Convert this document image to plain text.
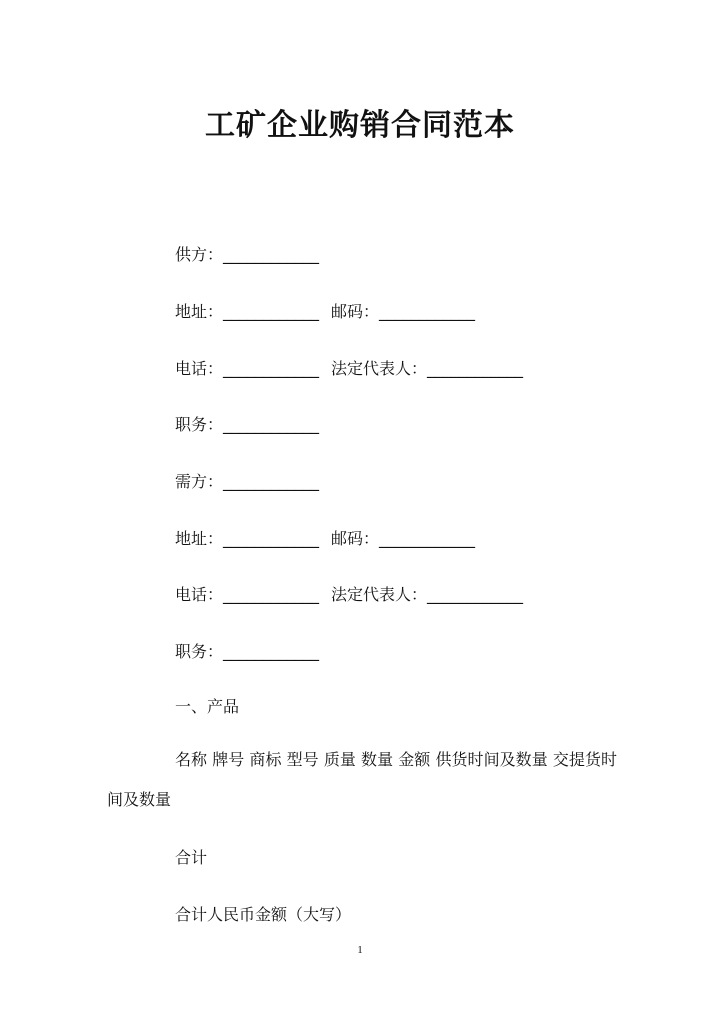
工矿企业购销合同范本
供方：____________
地址：____________ 邮码：____________
电话：____________ 法定代表人：____________
职务：____________
需方：____________
地址：____________ 邮码：____________
电话：____________ 法定代表人：____________
职务：____________
一、产品
名称 牌号 商标 型号 质量 数量 金额 供货时间及数量 交提货时间及数量
合计
合计人民币金额（大写）
1
